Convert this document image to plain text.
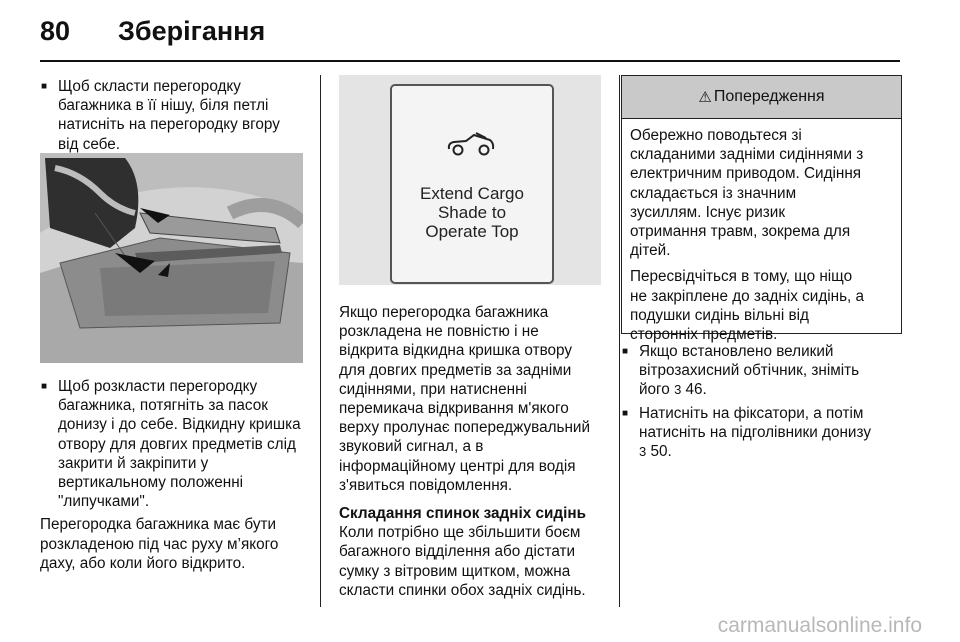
80 Зберігання
■ Щоб скласти перегородку
багажника в її нішу, біля петлі
натисніть на перегородку вгору
від себе.
■ Щоб розкласти перегородку
багажника, потягніть за пасок
донизу і до себе. Відкидну кришка
отвору для довгих предметів слід
закрити й закріпити у
вертикальному положенні
"липучками".

Перегородка багажника має бути
розкладеною під час руху м’якого
даху, або коли його відкрито.

Extend Cargo
Shade to
Operate Top

Якщо перегородка багажника
розкладена не повністю і не
відкрита відкидна кришка отвору
для довгих предметів за задніми
сидіннями, при натисненні
перемикача відкривання м'якого
верху пролунає попереджувальний
звуковий сигнал, а в
інформаційному центрі для водія
з'явиться повідомлення.

Складання спинок задніх сидінь

Коли потрібно ще збільшити боєм
багажного відділення або дістати
сумку з вітровим щитком, можна
скласти спинки обох задніх сидінь.

⚠ Попередження

Обережно поводьтеся зі
складаними задніми сидіннями з
електричним приводом. Сидіння
складається із значним
зусиллям. Існує ризик
отримання травм, зокрема для
дітей.

Пересвідчіться в тому, що ніщо
не закріплене до задніх сидінь, а
подушки сидінь вільні від
сторонніх предметів.

■ Якщо встановлено великий
вітрозахисний обтічник, зніміть
його 3 46.
■ Натисніть на фіксатори, а потім
натисніть на підголівники донизу
3 50.
carmanualsonline.info
